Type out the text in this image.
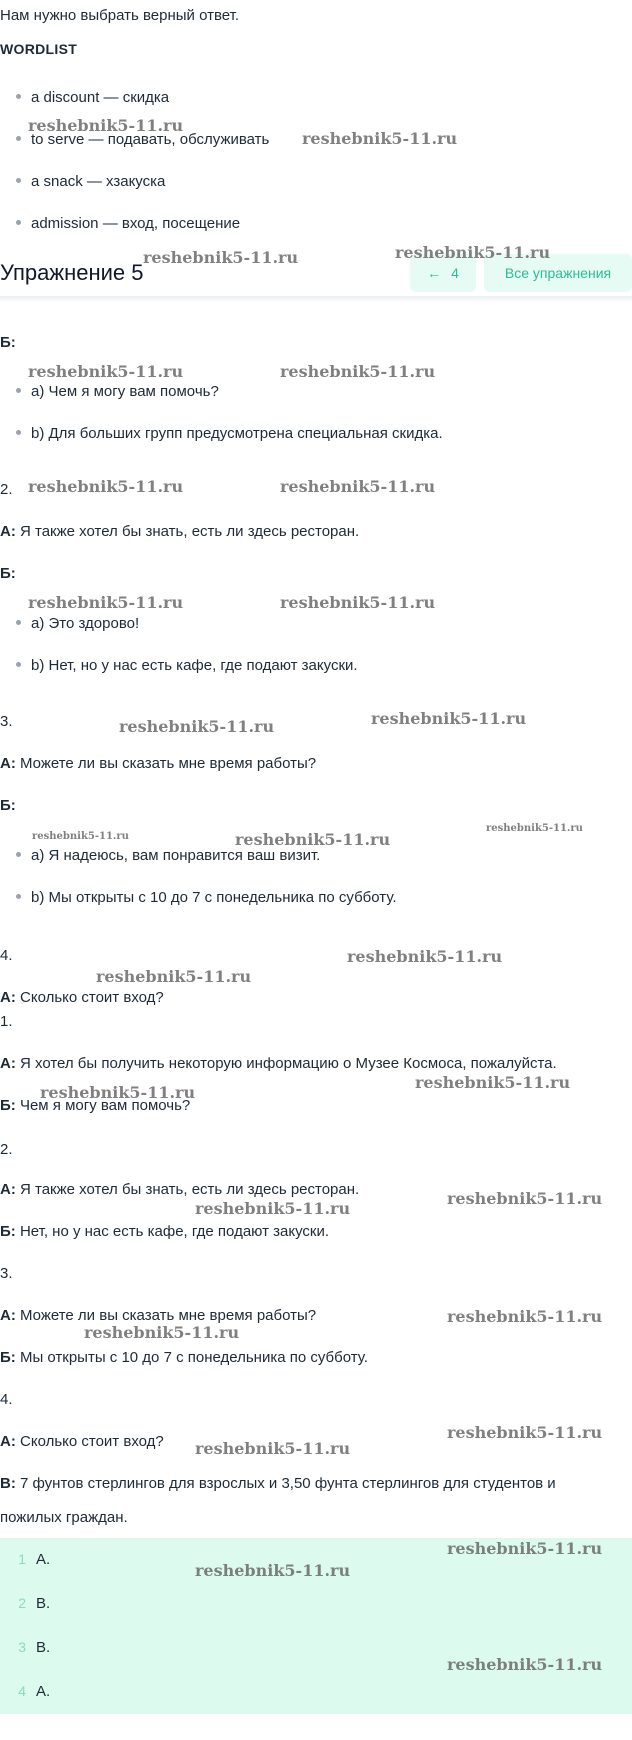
Нам нужно выбрать верный ответ.
WORDLIST
a discount — скидка
to serve — подавать, обслуживать
a snack — хзакуска
admission — вход, посещение
Упражнение 5	← 4	Все упражнения
Б:
a) Чем я могу вам помочь?
b) Для больших групп предусмотрена специальная скидка.
2.
А: Я также хотел бы знать, есть ли здесь ресторан.
Б:
a) Это здорово!
b) Нет, но у нас есть кафе, где подают закуски.
3.
А: Можете ли вы сказать мне время работы?
Б:
a) Я надеюсь, вам понравится ваш визит.
b) Мы открыты с 10 до 7 с понедельника по субботу.
4.
А: Сколько стоит вход?
1.
А: Я хотел бы получить некоторую информацию о Музее Космоса, пожалуйста.
Б: Чем я могу вам помочь?
2.
А: Я также хотел бы знать, есть ли здесь ресторан.
Б: Нет, но у нас есть кафе, где подают закуски.
3.
А: Можете ли вы сказать мне время работы?
Б: Мы открыты с 10 до 7 с понедельника по субботу.
4.
А: Сколько стоит вход?
В: 7 фунтов стерлингов для взрослых и 3,50 фунта стерлингов для студентов и
пожилых граждан.
1 A.
2 B.
3 B.
4 A.
reshebnik5-11.ru
reshebnik5-11.ru
reshebnik5-11.ru	reshebnik5-11.ru
reshebnik5-11.ru	reshebnik5-11.ru
reshebnik5-11.ru	reshebnik5-11.ru
reshebnik5-11.ru	reshebnik5-11.ru
reshebnik5-11.ru	reshebnik5-11.ru
reshebnik5-11.ru	reshebnik5-11.ru
reshebnik5-11.ru
reshebnik5-11.ru
reshebnik5-11.ru
reshebnik5-11.ru
reshebnik5-11.ru
reshebnik5-11.ru
reshebnik5-11.ru
reshebnik5-11.ru
reshebnik5-11.ru
reshebnik5-11.ru
reshebnik5-11.ru
reshebnik5-11.ru
reshebnik5-11.ru
reshebnik5-11.ru
